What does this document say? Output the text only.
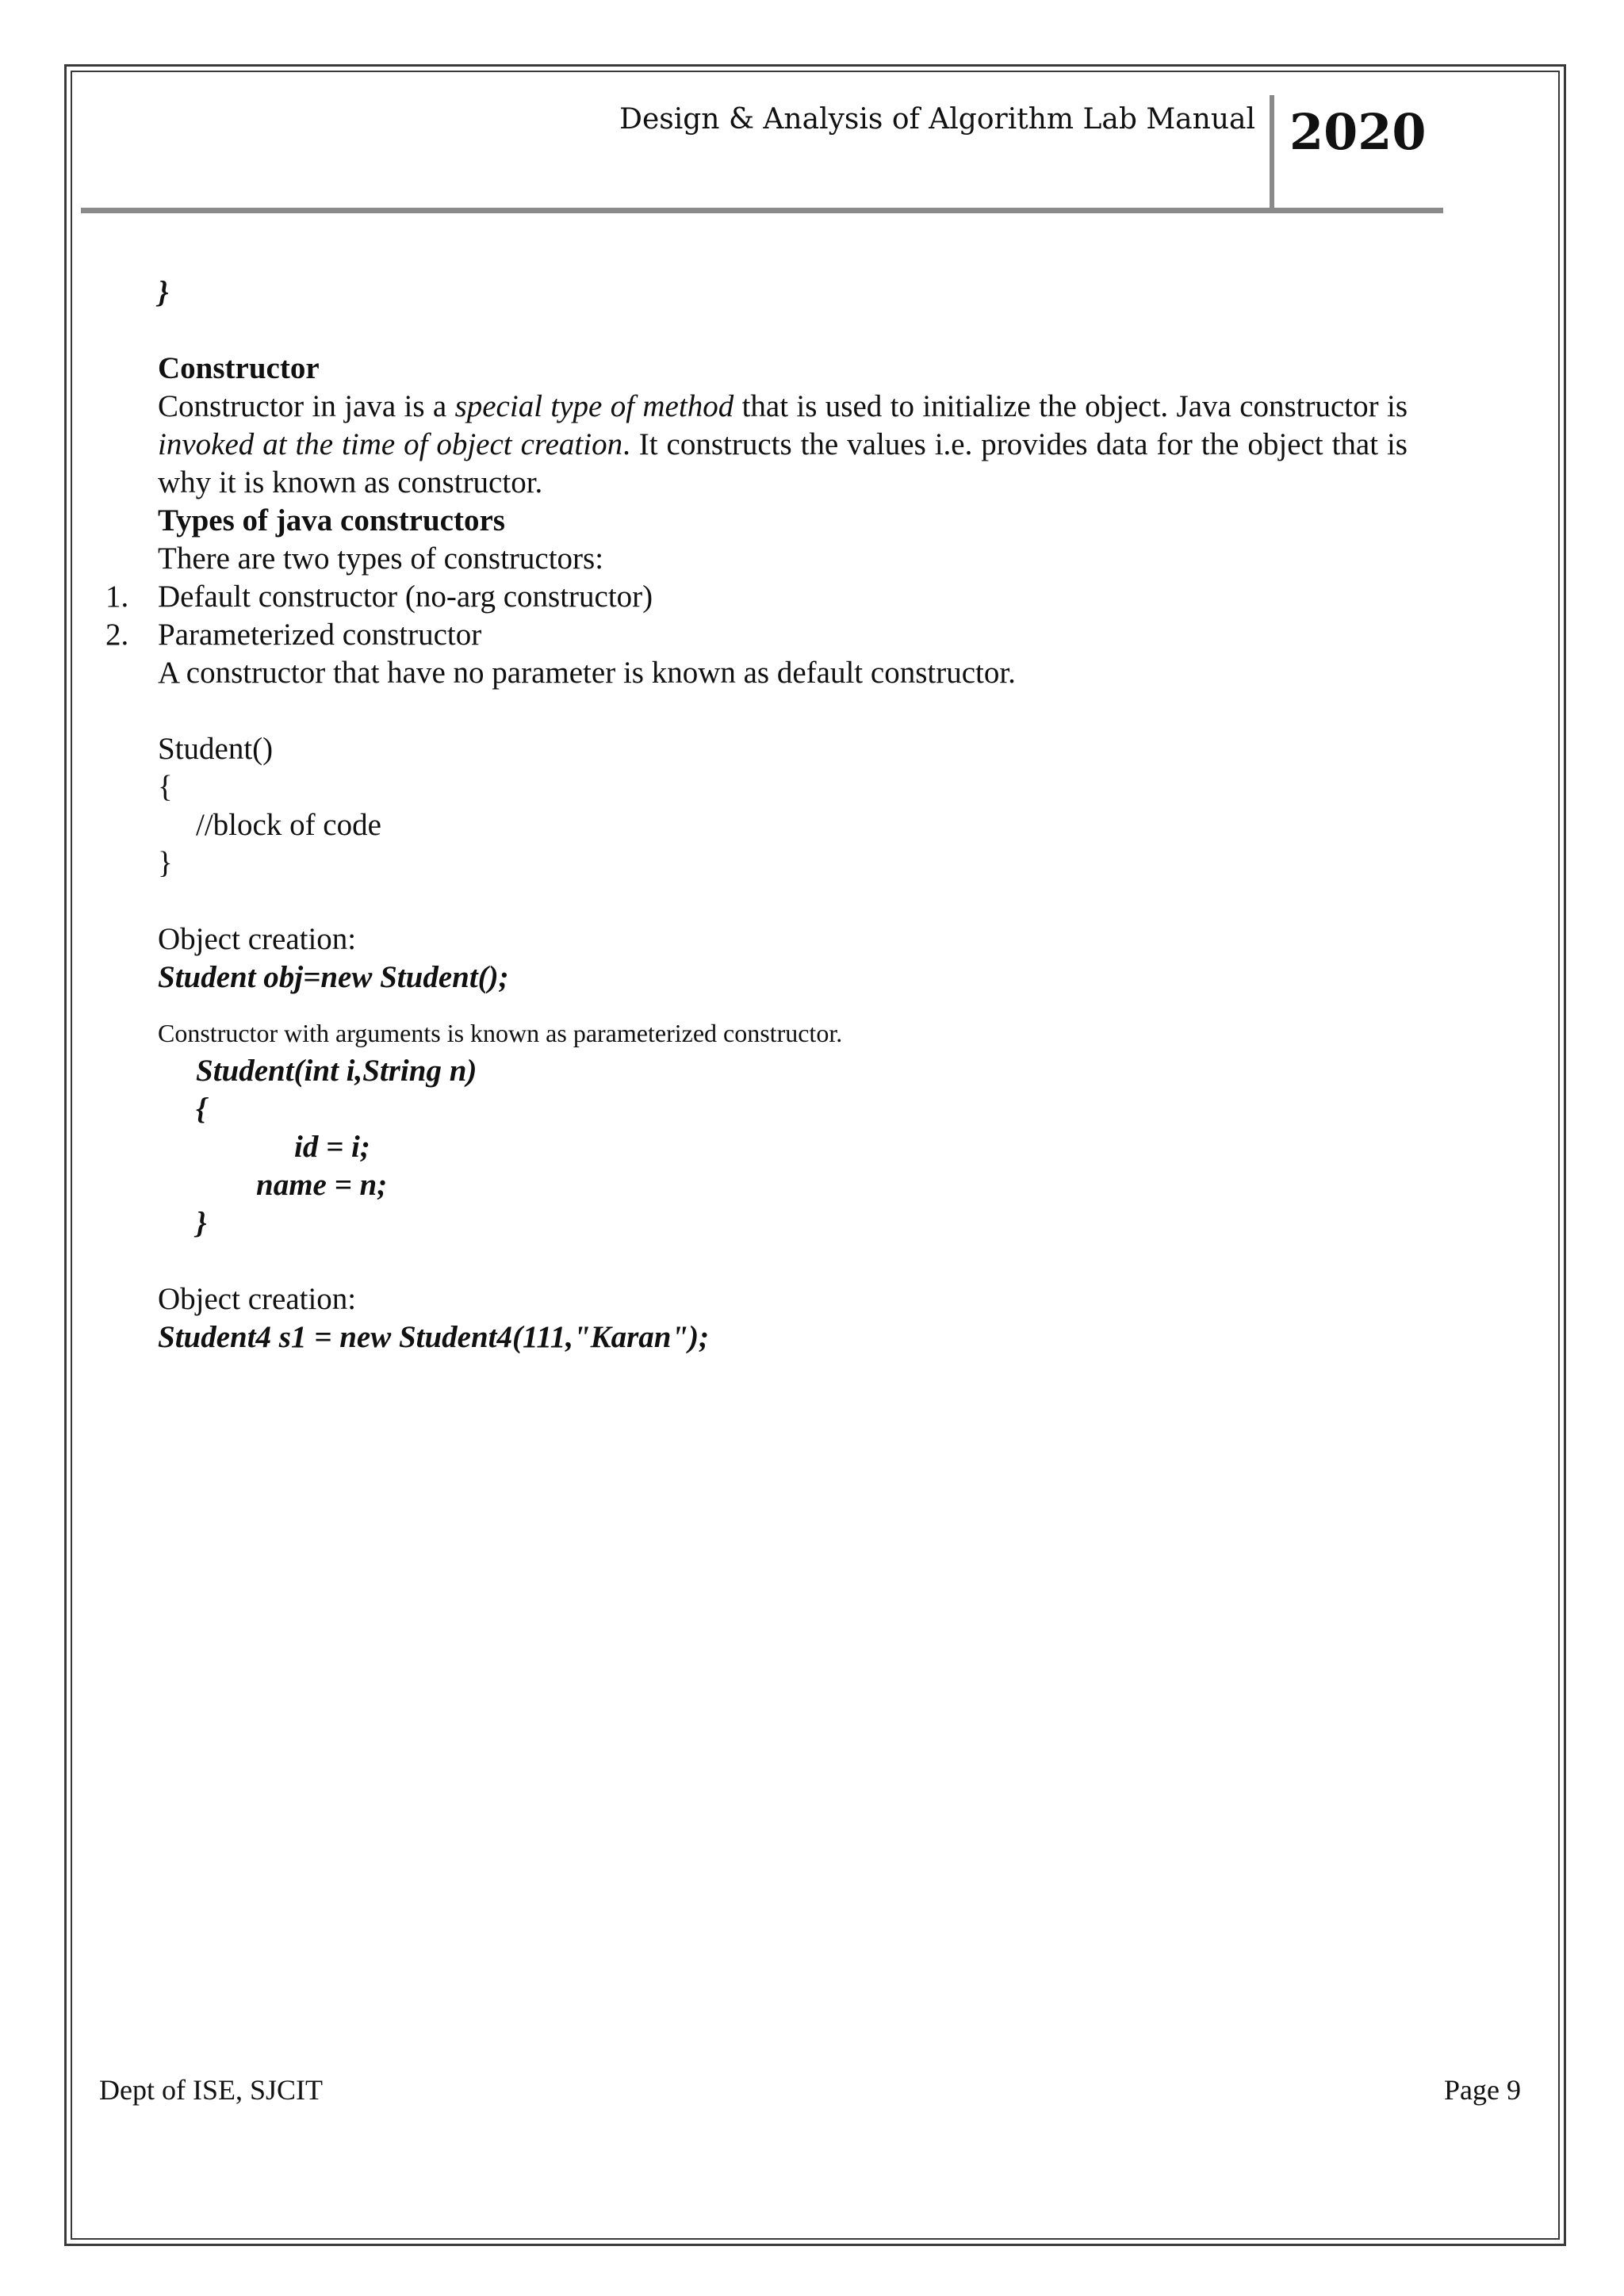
Design & Analysis of Algorithm Lab Manual 2020

}

Constructor

Constructor in java is a special type of method that is used to initialize the object. Java constructor is invoked at the time of object creation. It constructs the values i.e. provides data for the object that is why it is known as constructor.

Types of java constructors

There are two types of constructors:

1. Default constructor (no-arg constructor)
2. Parameterized constructor

A constructor that have no parameter is known as default constructor.

Student()

{

//block of code

}

Object creation:

Student obj=new Student();

Constructor with arguments is known as parameterized constructor.

Student(int i,String n)

{

id = i;

name = n;

}

Object creation:

Student4 s1 = new Student4(111,"Karan");

Dept of ISE, SJCIT	Page 9
